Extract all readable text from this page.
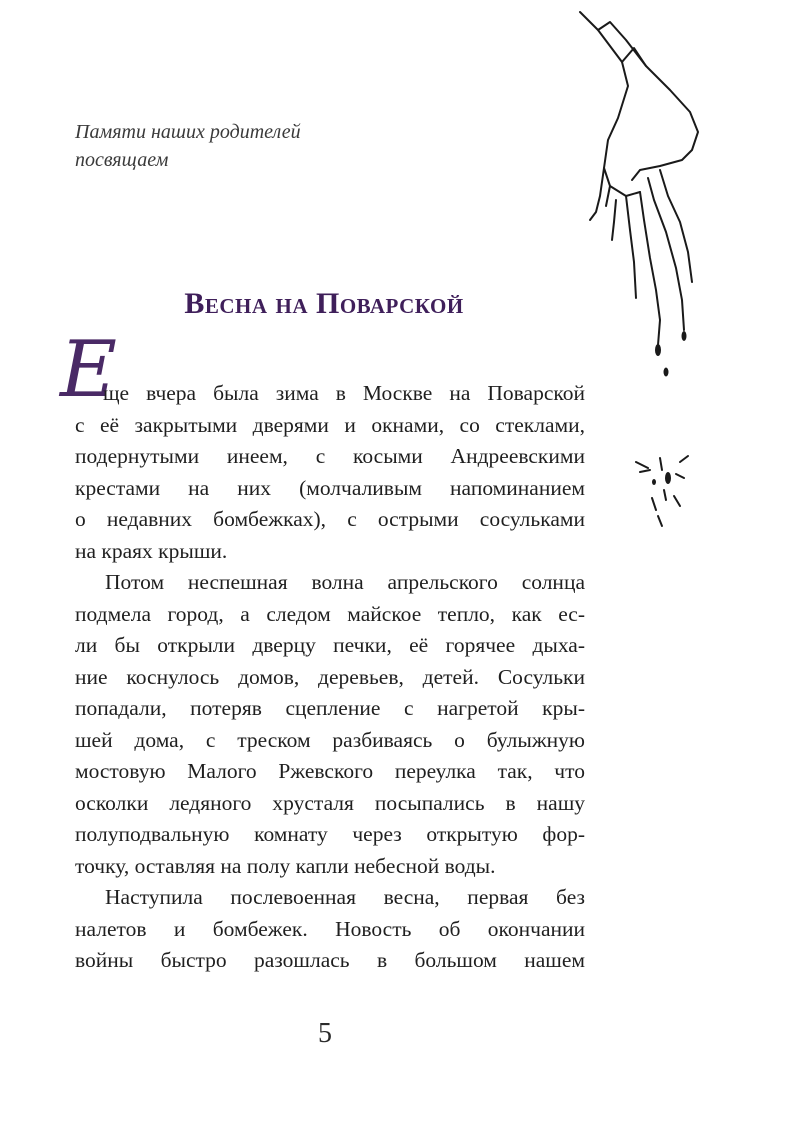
Памяти наших родителей
посвящаем
Весна на Поварской
Е
ще вчера была зима в Москве на Поварской
с её закрытыми дверями и окнами, со стеклами,
подернутыми инеем, с косыми Андреевскими
крестами на них (молчаливым напоминанием
о недавних бомбежках), с острыми сосульками
на краях крыши.
Потом неспешная волна апрельского солнца
подмела город, а следом майское тепло, как ес-
ли бы открыли дверцу печки, её горячее дыха-
ние коснулось домов, деревьев, детей. Сосульки
попадали, потеряв сцепление с нагретой кры-
шей дома, с треском разбиваясь о булыжную
мостовую Малого Ржевского переулка так, что
осколки ледяного хрусталя посыпались в нашу
полуподвальную комнату через открытую фор-
точку, оставляя на полу капли небесной воды.
Наступила послевоенная весна, первая без
налетов и бомбежек. Новость об окончании
войны быстро разошлась в большом нашем
5
